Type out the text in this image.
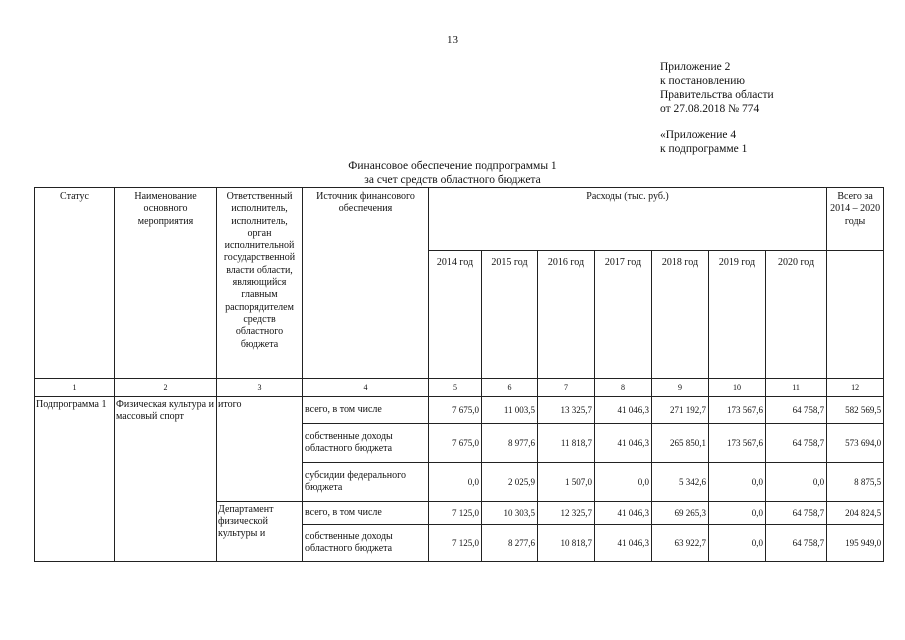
13
Приложение 2
к постановлению
Правительства области
от 27.08.2018 № 774
«Приложение 4
к подпрограмме 1
Финансовое обеспечение подпрограммы 1
за счет средств областного бюджета
Статус	Наименование основного мероприятия	Ответственный исполнитель, исполнитель, орган исполнительной государственной власти области, являющийся главным распорядителем средств областного бюджета	Источник финансового обеспечения	Расходы (тыс. руб.)							Всего за 2014 – 2020 годы
				2014 год	2015 год	2016 год	2017 год	2018 год	2019 год	2020 год	
1	2	3	4	5	6	7	8	9	10	11	12
Подпрограмма 1	Физическая культура и массовый спорт	итого	всего, в том числе	7 675,0	11 003,5	13 325,7	41 046,3	271 192,7	173 567,6	64 758,7	582 569,5
			собственные доходы областного бюджета	7 675,0	8 977,6	11 818,7	41 046,3	265 850,1	173 567,6	64 758,7	573 694,0
			субсидии федерального бюджета	0,0	2 025,9	1 507,0	0,0	5 342,6	0,0	0,0	8 875,5
		Департамент физической культуры и	всего, в том числе	7 125,0	10 303,5	12 325,7	41 046,3	69 265,3	0,0	64 758,7	204 824,5
			собственные доходы областного бюджета	7 125,0	8 277,6	10 818,7	41 046,3	63 922,7	0,0	64 758,7	195 949,0
